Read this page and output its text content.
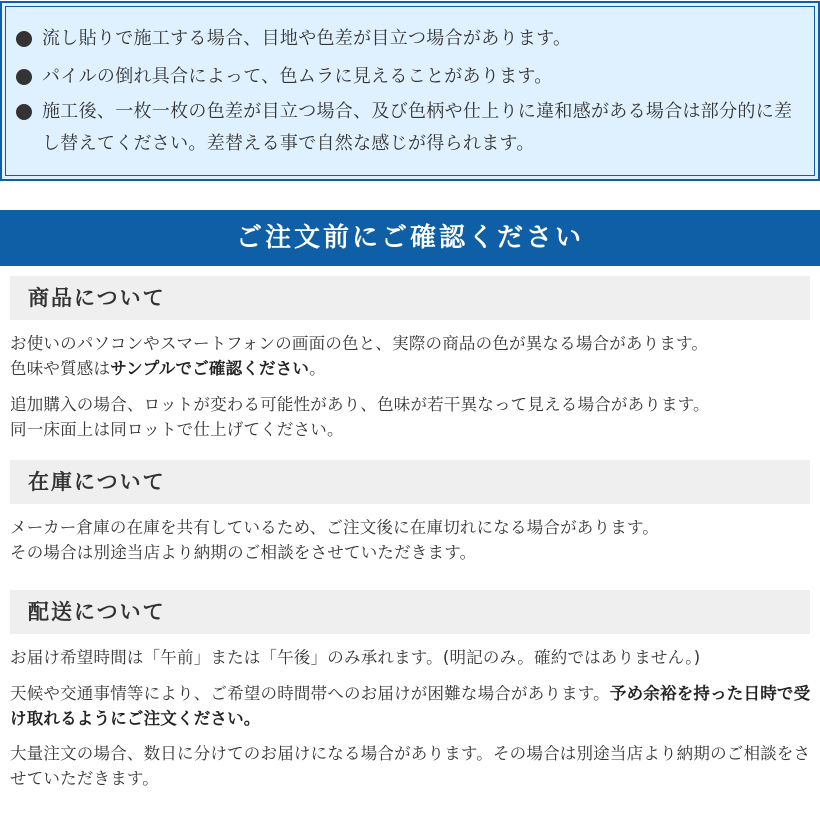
流し貼りで施工する場合、目地や色差が目立つ場合があります。
パイルの倒れ具合によって、色ムラに見えることがあります。
施工後、一枚一枚の色差が目立つ場合、及び色柄や仕上りに違和感がある場合は部分的に差し替えてください。差替える事で自然な感じが得られます。
ご注文前にご確認ください
商品について
お使いのパソコンやスマートフォンの画面の色と、実際の商品の色が異なる場合があります。
色味や質感はサンプルでご確認ください。
追加購入の場合、ロットが変わる可能性があり、色味が若干異なって見える場合があります。
同一床面上は同ロットで仕上げてください。
在庫について
メーカー倉庫の在庫を共有しているため、ご注文後に在庫切れになる場合があります。
その場合は別途当店より納期のご相談をさせていただきます。
配送について
お届け希望時間は「午前」または「午後」のみ承れます。(明記のみ。確約ではありません。)
天候や交通事情等により、ご希望の時間帯へのお届けが困難な場合があります。予め余裕を持った日時で受け取れるようにご注文ください。
大量注文の場合、数日に分けてのお届けになる場合があります。その場合は別途当店より納期のご相談をさせていただきます。
